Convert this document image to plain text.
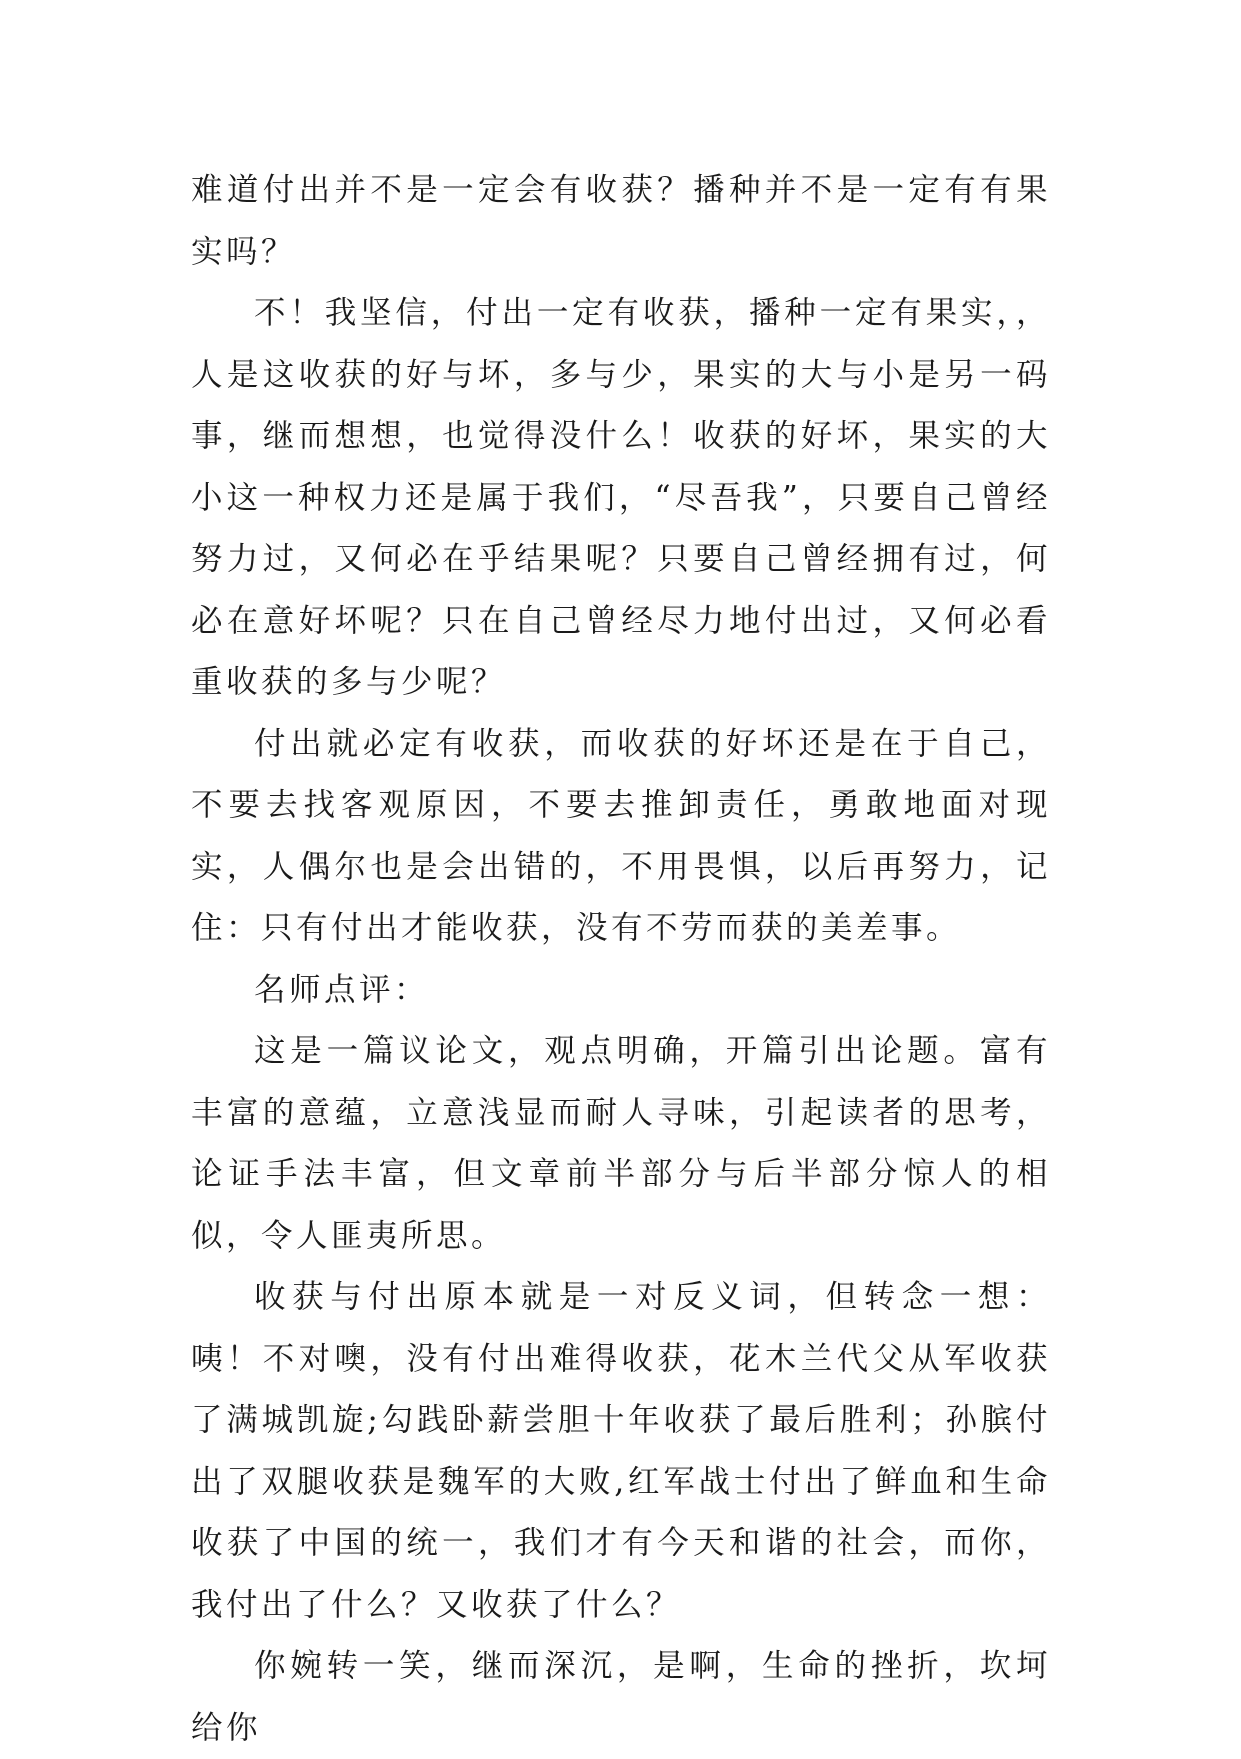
难道付出并不是一定会有收获？播种并不是一定有有果实吗？

不！我坚信，付出一定有收获，播种一定有果实，，人是这收获的好与坏，多与少，果实的大与小是另一码事，继而想想，也觉得没什么！收获的好坏，果实的大小这一种权力还是属于我们，“尽吾我”，只要自己曾经努力过，又何必在乎结果呢？只要自己曾经拥有过，何必在意好坏呢？只在自己曾经尽力地付出过，又何必看重收获的多与少呢？

付出就必定有收获，而收获的好坏还是在于自己，不要去找客观原因，不要去推卸责任，勇敢地面对现实，人偶尔也是会出错的，不用畏惧，以后再努力，记住：只有付出才能收获，没有不劳而获的美差事。

名师点评：

这是一篇议论文，观点明确，开篇引出论题。富有丰富的意蕴，立意浅显而耐人寻味，引起读者的思考，论证手法丰富，但文章前半部分与后半部分惊人的相似，令人匪夷所思。

收获与付出原本就是一对反义词，但转念一想：咦！不对噢，没有付出难得收获，花木兰代父从军收获了满城凯旋;勾践卧薪尝胆十年收获了最后胜利；孙膑付出了双腿收获是魏军的大败,红军战士付出了鲜血和生命收获了中国的统一，我们才有今天和谐的社会，而你，我付出了什么？又收获了什么？

你婉转一笑，继而深沉，是啊，生命的挫折，坎坷给你
